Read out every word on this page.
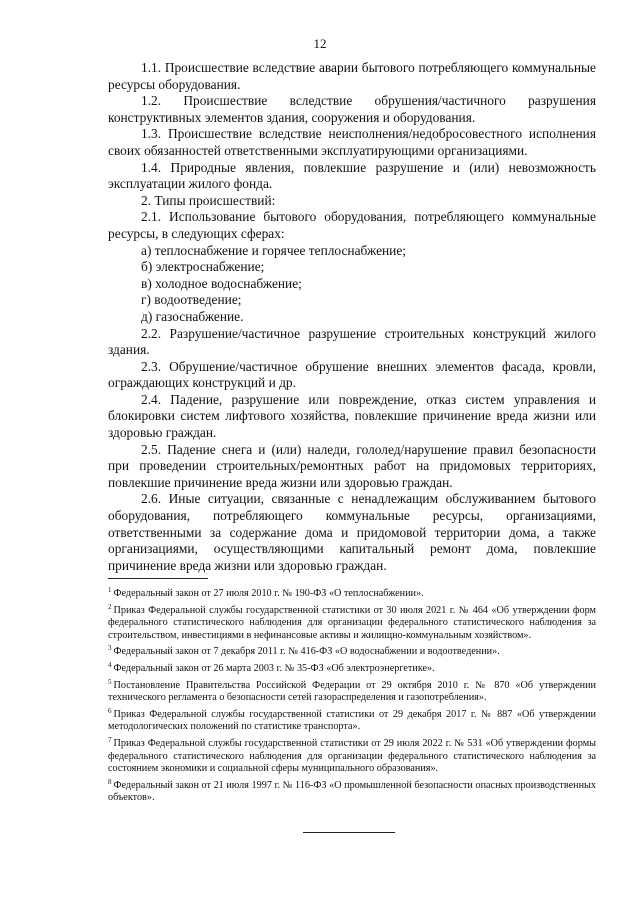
12

1.1. Происшествие вследствие аварии бытового потребляющего коммунальные ресурсы оборудования.

1.2. Происшествие вследствие обрушения/частичного разрушения конструктивных элементов здания, сооружения и оборудования.

1.3. Происшествие вследствие неисполнения/недобросовестного исполнения своих обязанностей ответственными эксплуатирующими организациями.

1.4. Природные явления, повлекшие разрушение и (или) невозможность эксплуатации жилого фонда.

2. Типы происшествий:

2.1. Использование бытового оборудования, потребляющего коммунальные ресурсы, в следующих сферах:

а) теплоснабжение и горячее теплоснабжение;

б) электроснабжение;

в) холодное водоснабжение;

г) водоотведение;

д) газоснабжение.

2.2. Разрушение/частичное разрушение строительных конструкций жилого здания.

2.3. Обрушение/частичное обрушение внешних элементов фасада, кровли, ограждающих конструкций и др.

2.4. Падение, разрушение или повреждение, отказ систем управления и блокировки систем лифтового хозяйства, повлекшие причинение вреда жизни или здоровью граждан.

2.5. Падение снега и (или) наледи, гололед/нарушение правил безопасности при проведении строительных/ремонтных работ на придомовых территориях, повлекшие причинение вреда жизни или здоровью граждан.

2.6. Иные ситуации, связанные с ненадлежащим обслуживанием бытового оборудования, потребляющего коммунальные ресурсы, организациями, ответственными за содержание дома и придомовой территории дома, а также организациями, осуществляющими капитальный ремонт дома, повлекшие причинение вреда жизни или здоровью граждан.

$^1$ Федеральный закон от 27 июля 2010 г. № 190-ФЗ «О теплоснабжении».

$^2$ Приказ Федеральной службы государственной статистики от 30 июля 2021 г. № 464 «Об утверждении форм федерального статистического наблюдения для организации федерального статистического наблюдения за строительством, инвестициями в нефинансовые активы и жилищно-коммунальным хозяйством».

$^3$ Федеральный закон от 7 декабря 2011 г. № 416-ФЗ «О водоснабжении и водоотведении».

$^4$ Федеральный закон от 26 марта 2003 г. № 35-ФЗ «Об электроэнергетике».

$^5$ Постановление Правительства Российской Федерации от 29 октября 2010 г. № 870 «Об утверждении технического регламента о безопасности сетей газораспределения и газопотребления».

$^6$ Приказ Федеральной службы государственной статистики от 29 декабря 2017 г. № 887 «Об утверждении методологических положений по статистике транспорта».

$^7$ Приказ Федеральной службы государственной статистики от 29 июля 2022 г. № 531 «Об утверждении формы федерального статистического наблюдения для организации федерального статистического наблюдения за состоянием экономики и социальной сферы муниципального образования».

$^8$ Федеральный закон от 21 июля 1997 г. № 116-ФЗ «О промышленной безопасности опасных производственных объектов».
